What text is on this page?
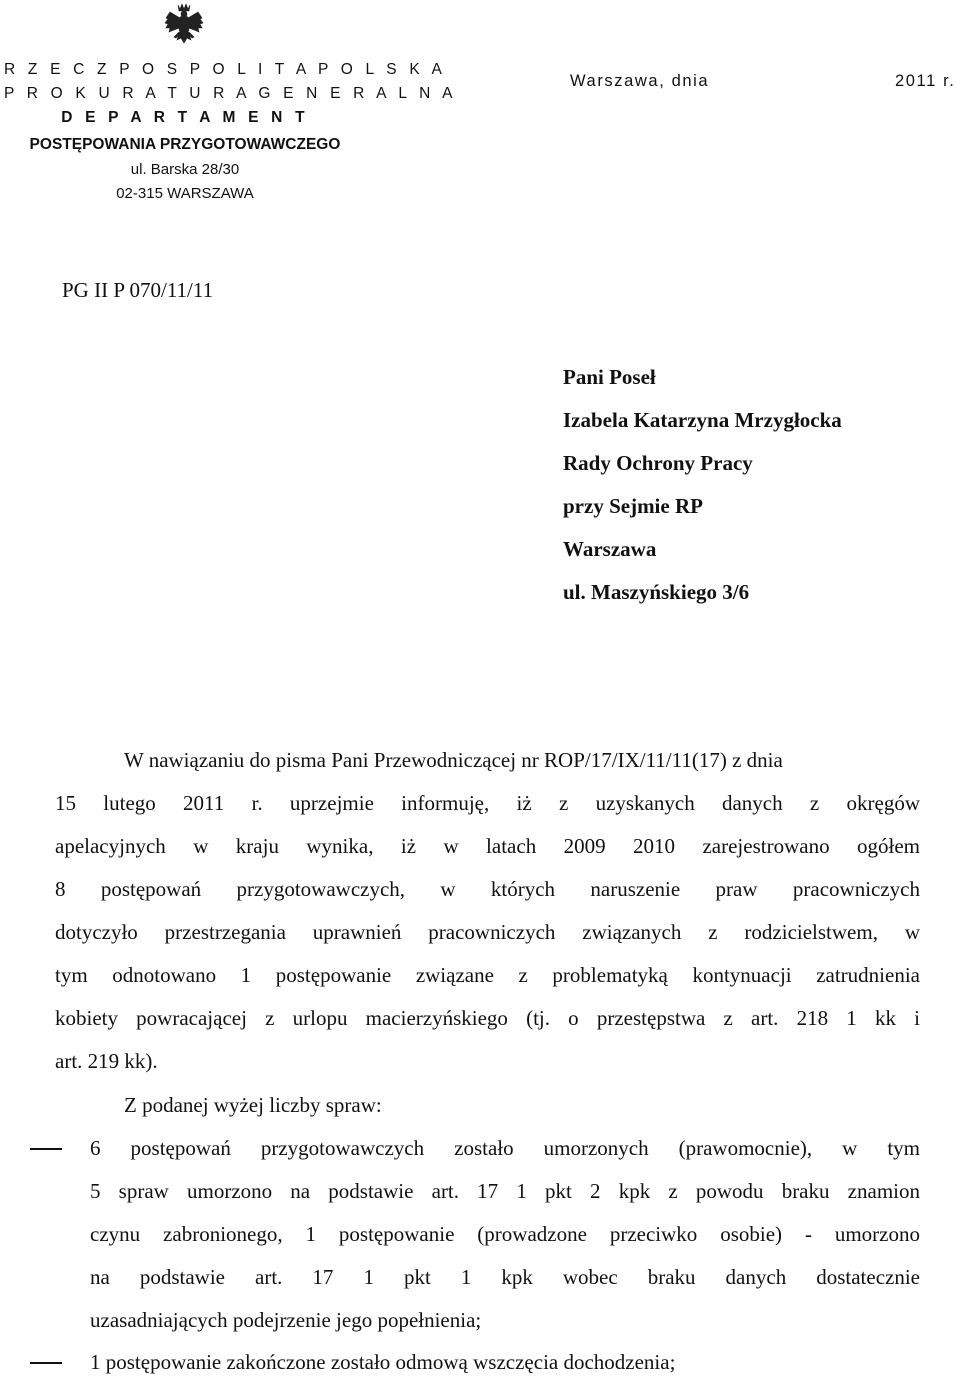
R Z E C Z P O S P O L I T A P O L S K A
P R O K U R A T U R A G E N E R A L N A
D E P A R T A M E N T
POSTĘPOWANIA PRZYGOTOWAWCZEGO
ul. Barska 28/30
02-315 WARSZAWA
Warszawa, dnia	2011 r.
PG II P 070/11/11
Pani Poseł
Izabela Katarzyna Mrzygłocka
Rady Ochrony Pracy
przy Sejmie RP
Warszawa
ul. Maszyńskiego 3/6
W nawiązaniu do pisma Pani Przewodniczącej nr ROP/17/IX/11/11(17) z dnia
15 lutego 2011 r. uprzejmie informuję, iż z uzyskanych danych z okręgów
apelacyjnych w kraju wynika, iż w latach 2009 2010 zarejestrowano ogółem
8 postępowań przygotowawczych, w których naruszenie praw pracowniczych
dotyczyło przestrzegania uprawnień pracowniczych związanych z rodzicielstwem, w
tym odnotowano 1 postępowanie związane z problematyką kontynuacji zatrudnienia
kobiety powracającej z urlopu macierzyńskiego (tj. o przestępstwa z art. 218 1 kk i
art. 219 kk).
Z podanej wyżej liczby spraw:
6 postępowań przygotowawczych zostało umorzonych (prawomocnie), w tym
5 spraw umorzono na podstawie art. 17 1 pkt 2 kpk z powodu braku znamion
czynu zabronionego, 1 postępowanie (prowadzone przeciwko osobie) - umorzono
na podstawie art. 17 1 pkt 1 kpk wobec braku danych dostatecznie
uzasadniających podejrzenie jego popełnienia;
1 postępowanie zakończone zostało odmową wszczęcia dochodzenia;
